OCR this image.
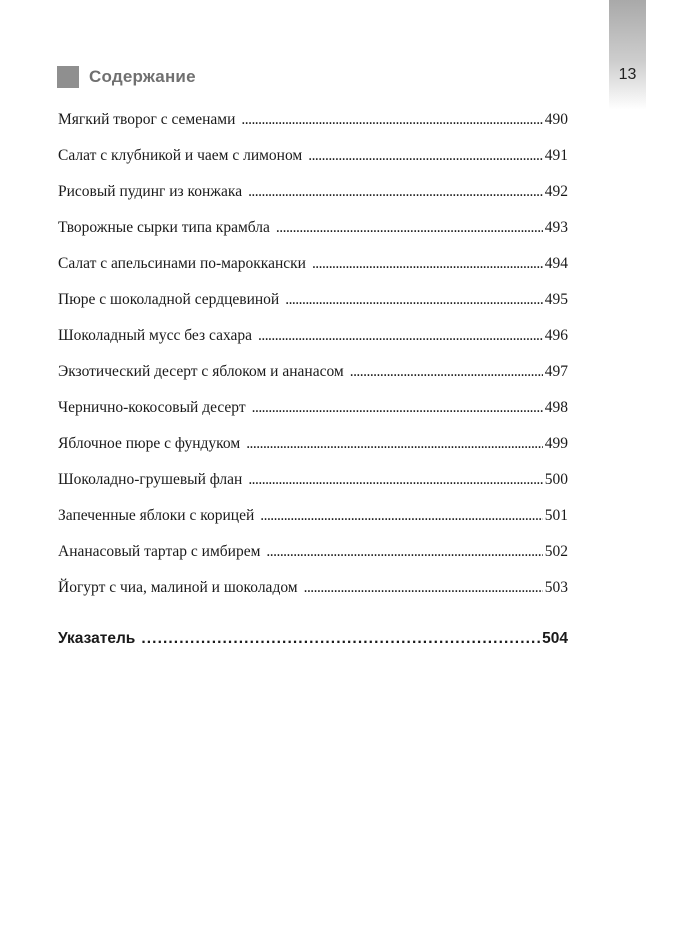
13
Содержание
Мягкий творог с семенами . . .	490
Салат с клубникой и чаем с лимоном . . .	491
Рисовый пудинг из конжака . . .	492
Творожные сырки типа крамбла . . .	493
Салат с апельсинами по-мароккански . . .	494
Пюре с шоколадной сердцевиной . . .	495
Шоколадный мусс без сахара . . .	496
Экзотический десерт с яблоком и ананасом . . .	497
Чернично-кокосовый десерт . . .	498
Яблочное пюре с фундуком . . .	499
Шоколадно-грушевый флан . . .	500
Запеченные яблоки с корицей . . .	501
Ананасовый тартар с имбирем . . .	502
Йогурт с чиа, малиной и шоколадом . . .	503
Указатель . . .	504
